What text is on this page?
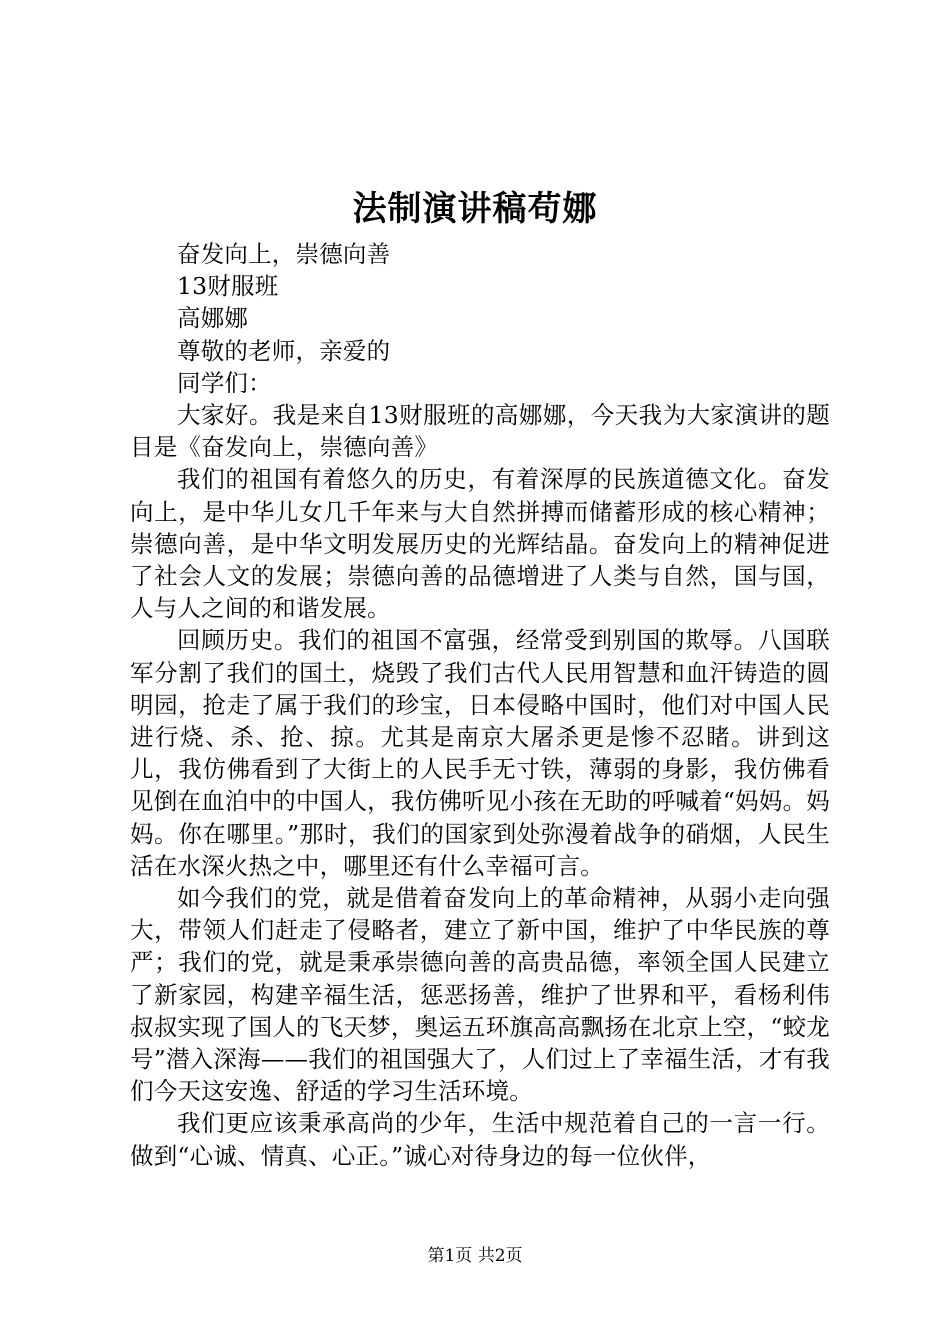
法制演讲稿苟娜

奋发向上，崇德向善

13财服班

高娜娜

尊敬的老师，亲爱的

同学们：

大家好。我是来自13财服班的高娜娜，今天我为大家演讲的题目是《奋发向上，崇德向善》

我们的祖国有着悠久的历史，有着深厚的民族道德文化。奋发向上，是中华儿女几千年来与大自然拼搏而储蓄形成的核心精神；崇德向善，是中华文明发展历史的光辉结晶。奋发向上的精神促进了社会人文的发展；崇德向善的品德增进了人类与自然，国与国，人与人之间的和谐发展。

回顾历史。我们的祖国不富强，经常受到别国的欺辱。八国联军分割了我们的国土，烧毁了我们古代人民用智慧和血汗铸造的圆明园，抢走了属于我们的珍宝，日本侵略中国时，他们对中国人民进行烧、杀、抢、掠。尤其是南京大屠杀更是惨不忍睹。讲到这儿，我仿佛看到了大街上的人民手无寸铁，薄弱的身影，我仿佛看见倒在血泊中的中国人，我仿佛听见小孩在无助的呼喊着“妈妈。妈妈。你在哪里。”那时，我们的国家到处弥漫着战争的硝烟，人民生活在水深火热之中，哪里还有什么幸福可言。

如今我们的党，就是借着奋发向上的革命精神，从弱小走向强大，带领人们赶走了侵略者，建立了新中国，维护了中华民族的尊严；我们的党，就是秉承崇德向善的高贵品德，率领全国人民建立了新家园，构建辛福生活，惩恶扬善，维护了世界和平，看杨利伟叔叔实现了国人的飞天梦，奥运五环旗高高飘扬在北京上空，“蛟龙号”潜入深海——我们的祖国强大了，人们过上了幸福生活，才有我们今天这安逸、舒适的学习生活环境。

我们更应该秉承高尚的少年，生活中规范着自己的一言一行。做到“心诚、情真、心正。”诚心对待身边的每一位伙伴，

第1页 共2页
